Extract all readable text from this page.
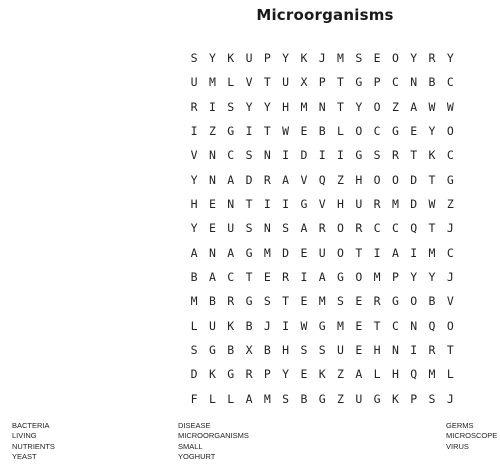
Microorganisms
S Y K U P Y K J M S E O Y R Y
U M L V T U X P T G P C N B C
R I S Y Y H M N T Y O Z A W W
I Z G I T W E B L O C G E Y O
V N C S N I D I I G S R T K C
Y N A D R A V Q Z H O O D T G
H E N T I I G V H U R M D W Z
Y E U S N S A R O R C C Q T J
A N A G M D E U O T I A I M C
B A C T E R I A G O M P Y Y J
M B R G S T E M S E R G O B V
L U K B J I W G M E T C N Q O
S G B X B H S S U E H N I R T
D K G R P Y E K Z A L H Q M L
F L L A M S B G Z U G K P S J
BACTERIA
LIVING
NUTRIENTS
YEAST
DISEASE
MICROORGANISMS
SMALL
YOGHURT
GERMS
MICROSCOPE
VIRUS
